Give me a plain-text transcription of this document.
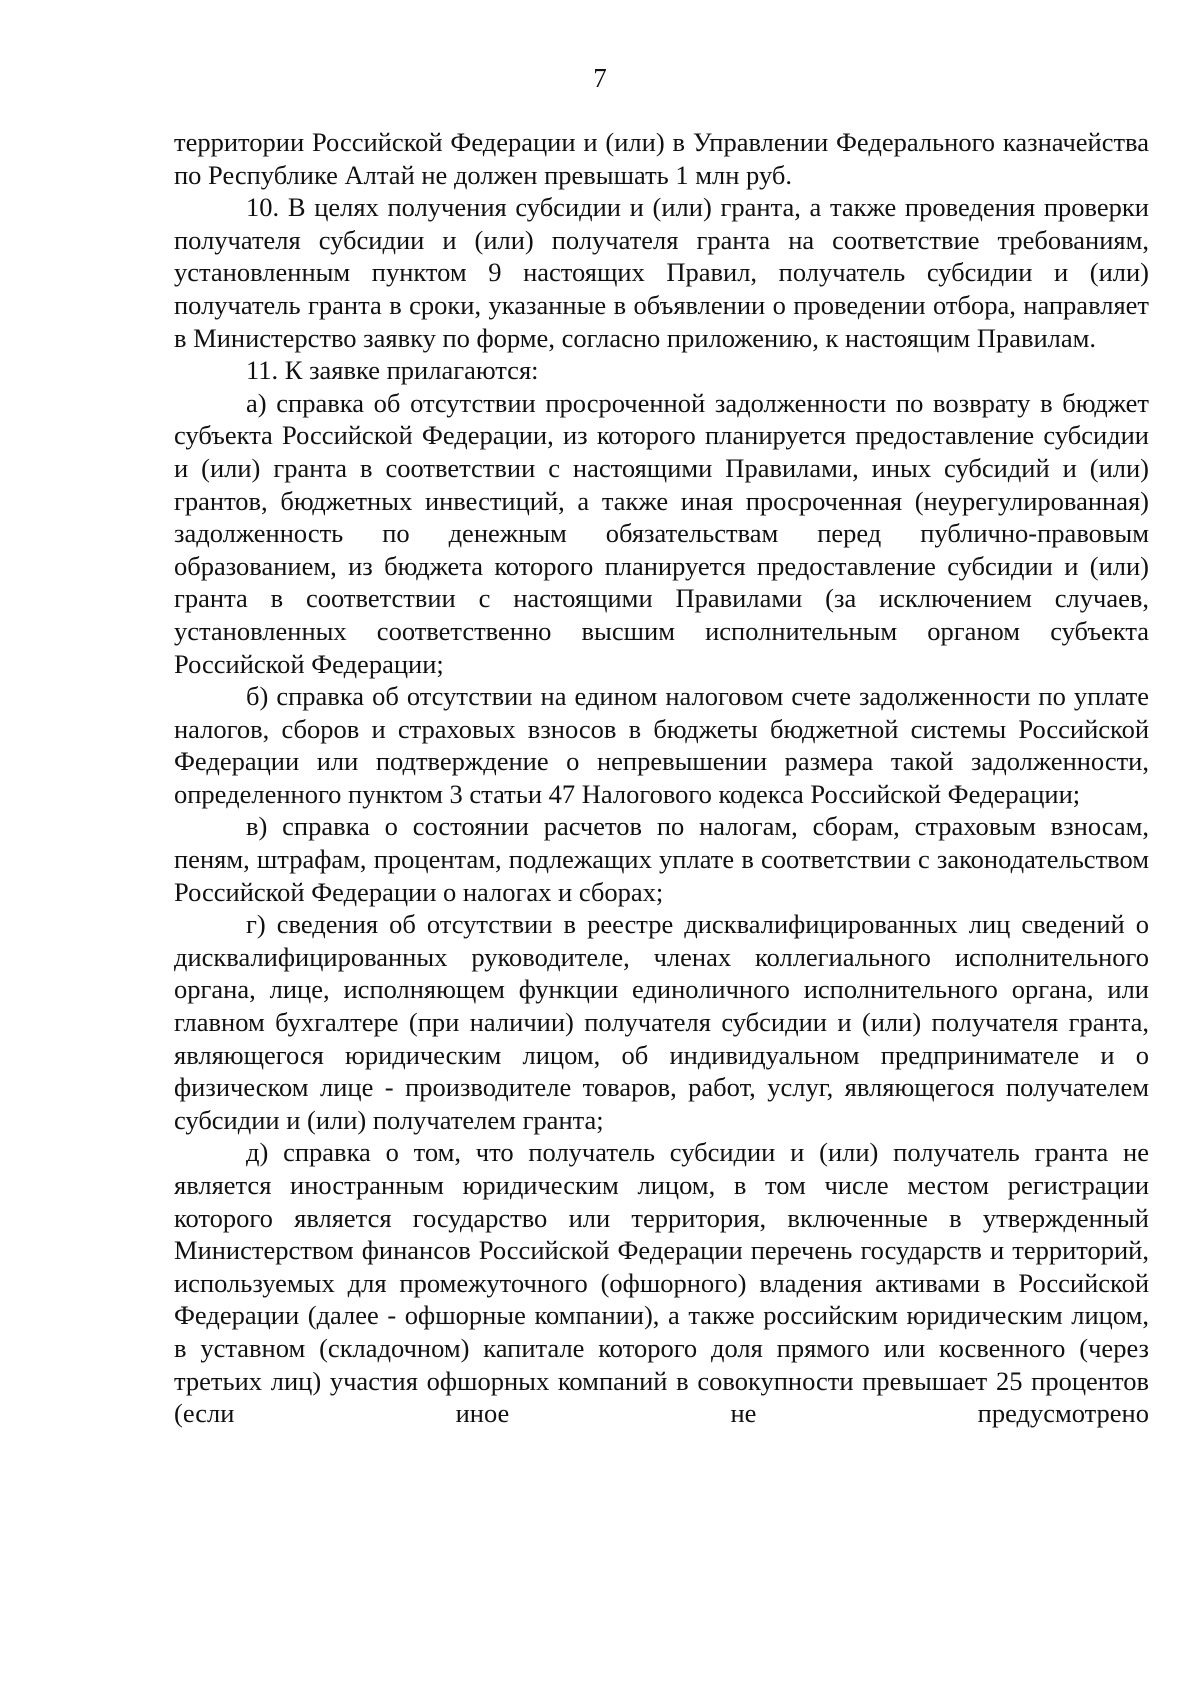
7

территории Российской Федерации и (или) в Управлении Федерального казначейства по Республике Алтай не должен превышать 1 млн руб.

10. В целях получения субсидии и (или) гранта, а также проведения проверки получателя субсидии и (или) получателя гранта на соответствие требованиям, установленным пунктом 9 настоящих Правил, получатель субсидии и (или) получатель гранта в сроки, указанные в объявлении о проведении отбора, направляет в Министерство заявку по форме, согласно приложению, к настоящим Правилам.

11. К заявке прилагаются:

а) справка об отсутствии просроченной задолженности по возврату в бюджет субъекта Российской Федерации, из которого планируется предоставление субсидии и (или) гранта в соответствии с настоящими Правилами, иных субсидий и (или) грантов, бюджетных инвестиций, а также иная просроченная (неурегулированная) задолженность по денежным обязательствам перед публично-правовым образованием, из бюджета которого планируется предоставление субсидии и (или) гранта в соответствии с настоящими Правилами (за исключением случаев, установленных соответственно высшим исполнительным органом субъекта Российской Федерации;

б) справка об отсутствии на едином налоговом счете задолженности по уплате налогов, сборов и страховых взносов в бюджеты бюджетной системы Российской Федерации или подтверждение о непревышении размера такой задолженности, определенного пунктом 3 статьи 47 Налогового кодекса Российской Федерации;

в) справка о состоянии расчетов по налогам, сборам, страховым взносам, пеням, штрафам, процентам, подлежащих уплате в соответствии с законодательством Российской Федерации о налогах и сборах;

г) сведения об отсутствии в реестре дисквалифицированных лиц сведений о дисквалифицированных руководителе, членах коллегиального исполнительного органа, лице, исполняющем функции единоличного исполнительного органа, или главном бухгалтере (при наличии) получателя субсидии и (или) получателя гранта, являющегося юридическим лицом, об индивидуальном предпринимателе и о физическом лице - производителе товаров, работ, услуг, являющегося получателем субсидии и (или) получателем гранта;

д) справка о том, что получатель субсидии и (или) получатель гранта не является иностранным юридическим лицом, в том числе местом регистрации которого является государство или территория, включенные в утвержденный Министерством финансов Российской Федерации перечень государств и территорий, используемых для промежуточного (офшорного) владения активами в Российской Федерации (далее - офшорные компании), а также российским юридическим лицом, в уставном (складочном) капитале которого доля прямого или косвенного (через третьих лиц) участия офшорных компаний в совокупности превышает 25 процентов (если иное не предусмотрено
